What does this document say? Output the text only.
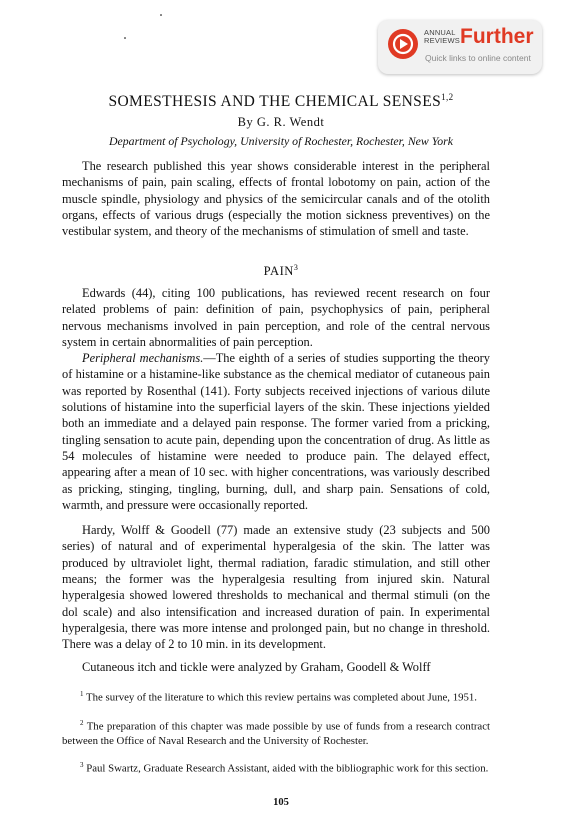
ANNUAL
REVIEWS Further
Quick links to online content
SOMESTHESIS AND THE CHEMICAL SENSES$^{1,2}$
By G. R. Wendt
Department of Psychology, University of Rochester, Rochester, New York
The research published this year shows considerable interest in the peripheral mechanisms of pain, pain scaling, effects of frontal lobotomy on pain, action of the muscle spindle, physiology and physics of the semicircular canals and of the otolith organs, effects of various drugs (especially the motion sickness preventives) on the vestibular system, and theory of the mechanisms of stimulation of smell and taste.
PAIN$^3$
Edwards (44), citing 100 publications, has reviewed recent research on four related problems of pain: definition of pain, psychophysics of pain, peripheral nervous mechanisms involved in pain perception, and role of the central nervous system in certain abnormalities of pain perception.
Peripheral mechanisms.—The eighth of a series of studies supporting the theory of histamine or a histamine-like substance as the chemical mediator of cutaneous pain was reported by Rosenthal (141). Forty subjects received injections of various dilute solutions of histamine into the superficial layers of the skin. These injections yielded both an immediate and a delayed pain response. The former varied from a pricking, tingling sensation to acute pain, depending upon the concentration of drug. As little as 54 molecules of histamine were needed to produce pain. The delayed effect, appearing after a mean of 10 sec. with higher concentrations, was variously described as pricking, stinging, tingling, burning, dull, and sharp pain. Sensations of cold, warmth, and pressure were occasionally reported.
Hardy, Wolff & Goodell (77) made an extensive study (23 subjects and 500 series) of natural and of experimental hyperalgesia of the skin. The latter was produced by ultraviolet light, thermal radiation, faradic stimulation, and still other means; the former was the hyperalgesia resulting from injured skin. Natural hyperalgesia showed lowered thresholds to mechanical and thermal stimuli (on the dol scale) and also intensification and increased duration of pain. In experimental hyperalgesia, there was more intense and prolonged pain, but no change in threshold. There was a delay of 2 to 10 min. in its development.
Cutaneous itch and tickle were analyzed by Graham, Goodell & Wolff
$^1$ The survey of the literature to which this review pertains was completed about June, 1951.
$^2$ The preparation of this chapter was made possible by use of funds from a research contract between the Office of Naval Research and the University of Rochester.
$^3$ Paul Swartz, Graduate Research Assistant, aided with the bibliographic work for this section.
105
